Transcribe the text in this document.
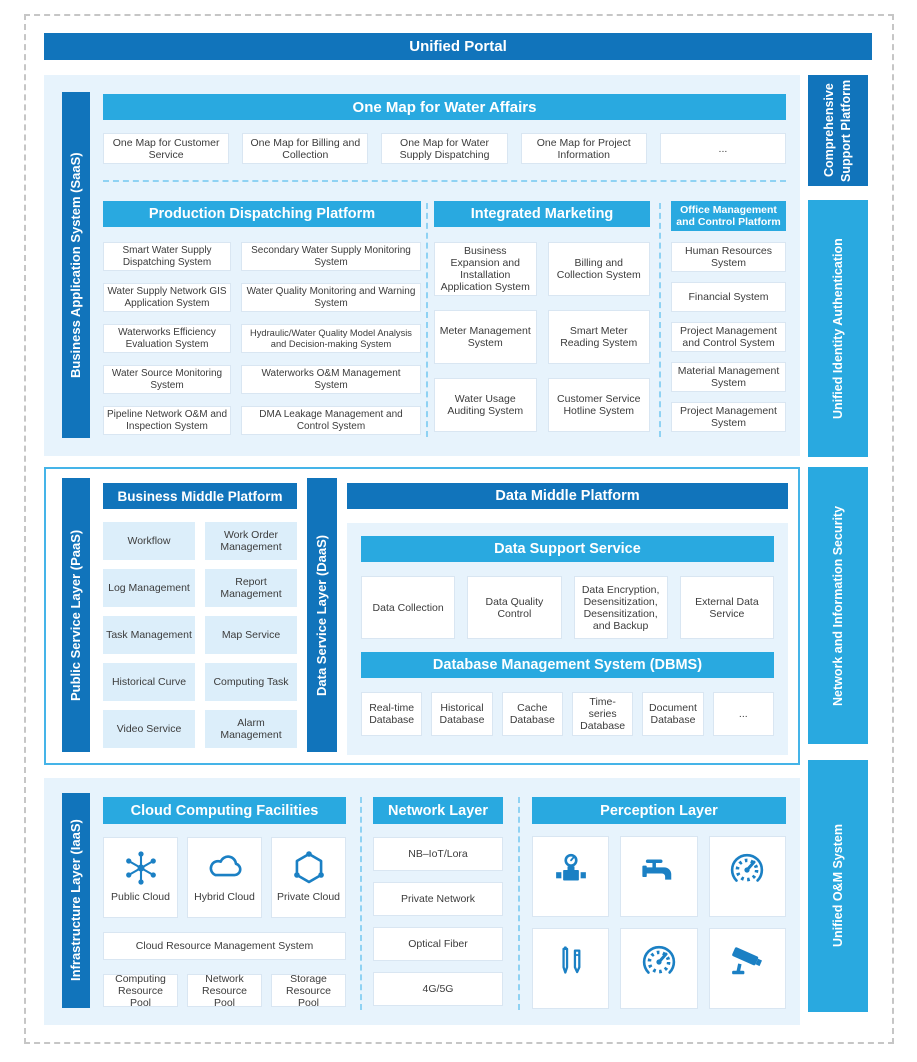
Unified Portal
Business Application System (SaaS)
One Map for Water Affairs
One Map for Customer Service
One Map for Billing and Collection
One Map for Water Supply Dispatching
One Map for Project Information	...
Production Dispatching Platform
Smart Water Supply Dispatching System
Secondary Water Supply Monitoring System
Water Supply Network GIS Application System
Water Quality Monitoring and Warning System
Waterworks Efficiency Evaluation System
Hydraulic/Water Quality Model Analysis and Decision-making System
Water Source Monitoring System
Waterworks O&M Management System
Pipeline Network O&M and Inspection System
DMA Leakage Management and Control System
Integrated Marketing
Business Expansion and Installation Application System
Billing and Collection System
Meter Management System
Smart Meter Reading System
Water Usage Auditing System
Customer Service Hotline System
Office Management and Control Platform
Human Resources System
Financial System
Project Management and Control System
Material Management System
Project Management System
Public Service Layer (PaaS)
Business Middle Platform
Workflow	Work Order Management
Log Management	Report Management
Task Management	Map Service
Historical Curve	Computing Task
Video Service	Alarm Management
Data Service Layer (DaaS)
Data Middle Platform
Data Support Service
Data Collection	Data Quality Control
Data Encryption, Desensitization, Desensitization, and Backup
External Data Service
Database Management System (DBMS)
Real-time Database
Historical Database
Cache Database
Time-series Database
Document Database	...
Infrastructure Layer (IaaS)
Cloud Computing Facilities
Public Cloud Hybrid Cloud Private Cloud
Cloud Resource Management System
Computing Resource Pool
Network Resource Pool
Storage Resource Pool
Network Layer
NB–IoT/Lora
Private Network
Optical Fiber
4G/5G
Perception Layer
Comprehensive Support Platform
Unified Identity Authentication
Network and Information Security
Unified O&M System
